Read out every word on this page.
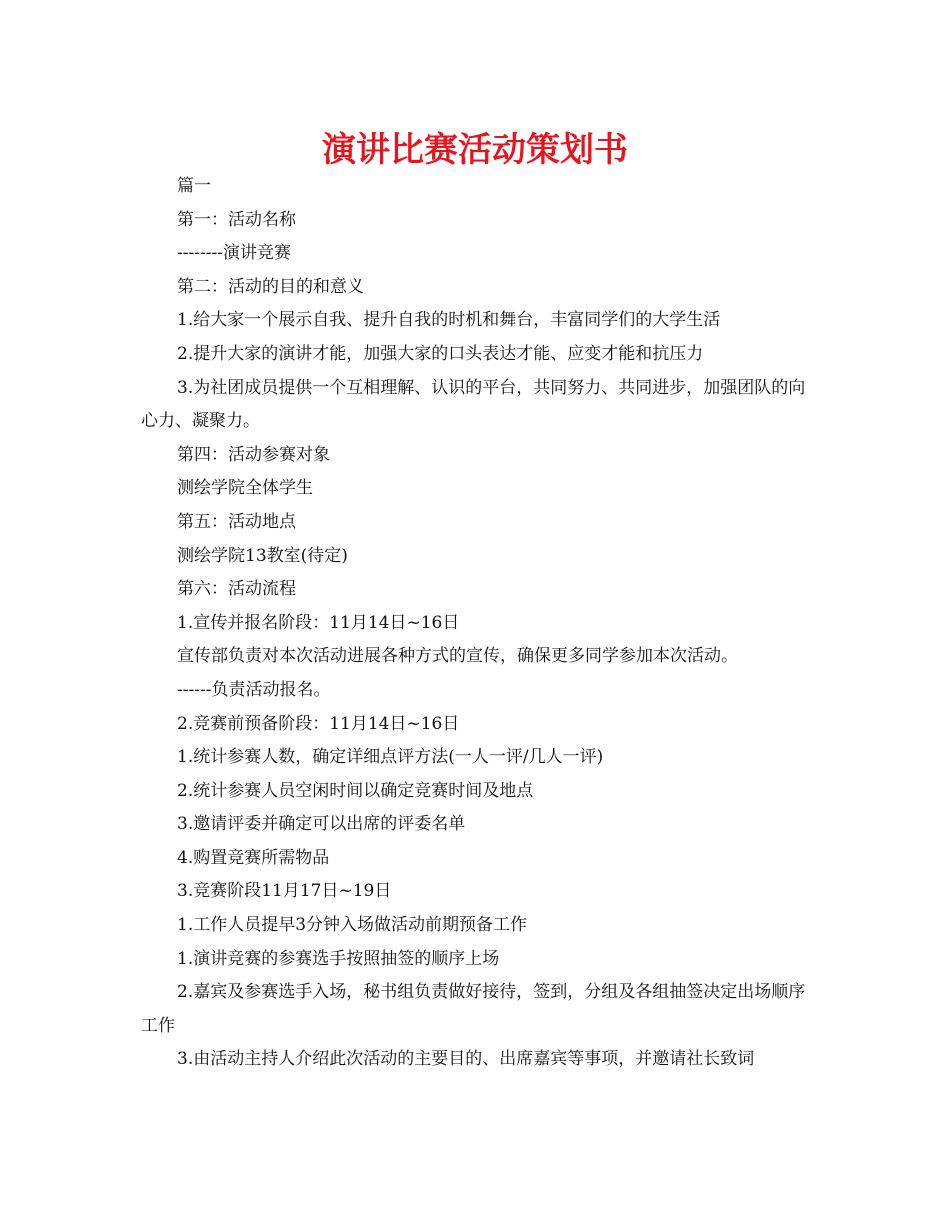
演讲比赛活动策划书

篇一

第一：活动名称

--------演讲竞赛

第二：活动的目的和意义

1.给大家一个展示自我、提升自我的时机和舞台，丰富同学们的大学生活

2.提升大家的演讲才能，加强大家的口头表达才能、应变才能和抗压力

3.为社团成员提供一个互相理解、认识的平台，共同努力、共同进步，加强团队的向心力、凝聚力。

第四：活动参赛对象

测绘学院全体学生

第五：活动地点

测绘学院13教室(待定)

第六：活动流程

1.宣传并报名阶段：11月14日~16日

宣传部负责对本次活动进展各种方式的宣传，确保更多同学参加本次活动。

------负责活动报名。

2.竞赛前预备阶段：11月14日~16日

1.统计参赛人数，确定详细点评方法(一人一评/几人一评)

2.统计参赛人员空闲时间以确定竞赛时间及地点

3.邀请评委并确定可以出席的评委名单

4.购置竞赛所需物品

3.竞赛阶段11月17日~19日

1.工作人员提早3分钟入场做活动前期预备工作

1.演讲竞赛的参赛选手按照抽签的顺序上场

2.嘉宾及参赛选手入场，秘书组负责做好接待，签到，分组及各组抽签决定出场顺序工作

3.由活动主持人介绍此次活动的主要目的、出席嘉宾等事项，并邀请社长致词
